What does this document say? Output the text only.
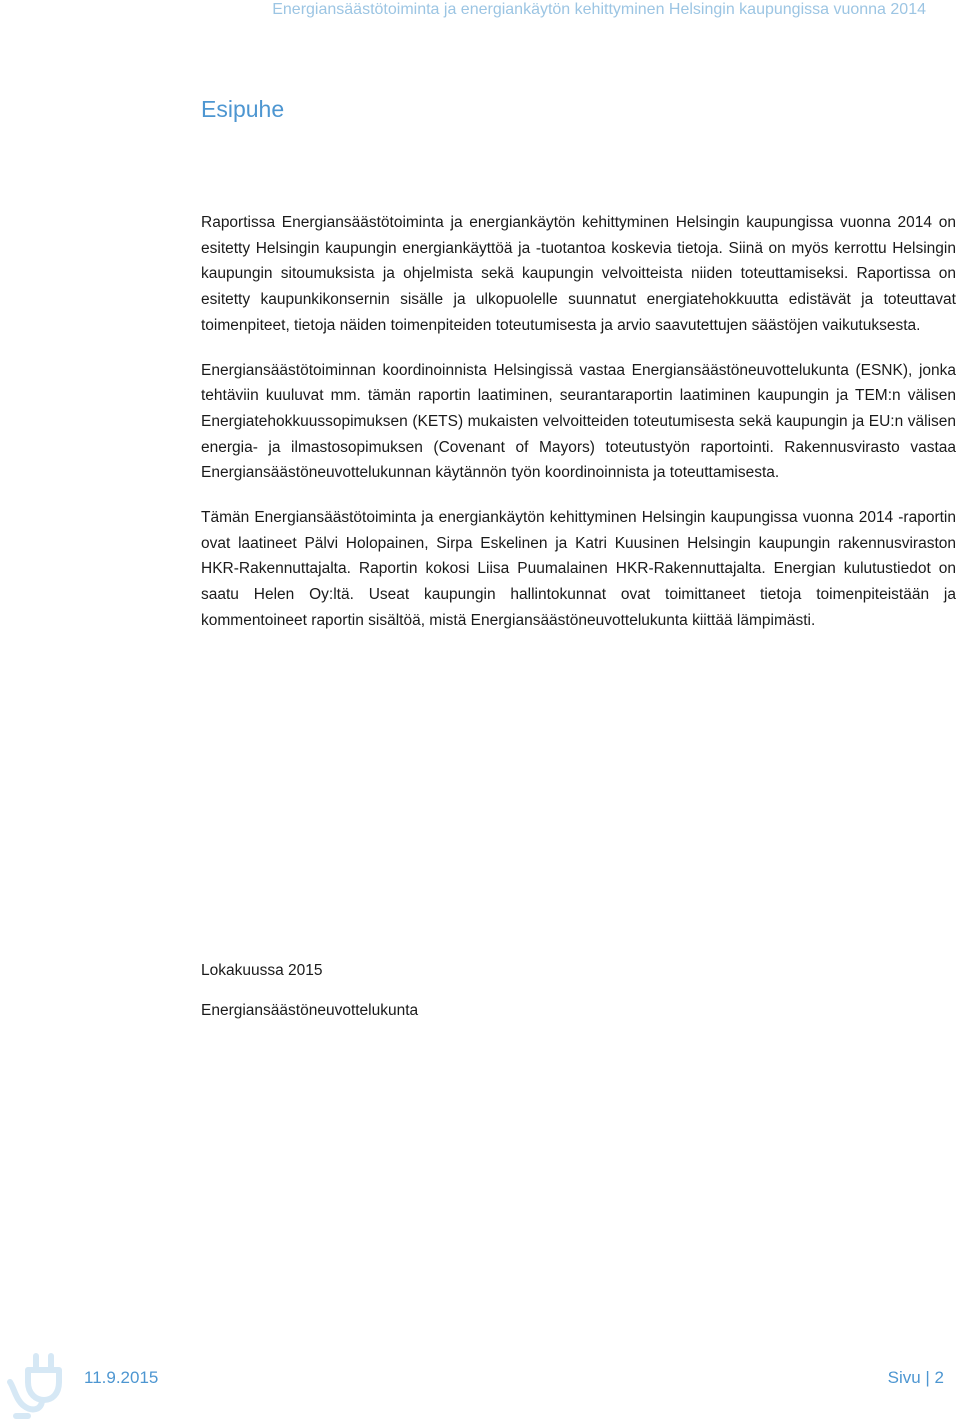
Energiansäästötoiminta ja energiankäytön kehittyminen Helsingin kaupungissa vuonna 2014
Esipuhe

Raportissa Energiansäästötoiminta ja energiankäytön kehittyminen Helsingin kaupungissa vuonna 2014 on esitetty Helsingin kaupungin energiankäyttöä ja -tuotantoa koskevia tietoja. Siinä on myös kerrottu Helsingin kaupungin sitoumuksista ja ohjelmista sekä kaupungin velvoitteista niiden toteuttamiseksi. Raportissa on esitetty kaupunkikonsernin sisälle ja ulkopuolelle suunnatut energiatehokkuutta edistävät ja toteuttavat toimenpiteet, tietoja näiden toimenpiteiden toteutumisesta ja arvio saavutettujen säästöjen vaikutuksesta.

Energiansäästötoiminnan koordinoinnista Helsingissä vastaa Energiansäästöneuvottelukunta (ESNK), jonka tehtäviin kuuluvat mm. tämän raportin laatiminen, seurantaraportin laatiminen kaupungin ja TEM:n välisen Energiatehokkuussopimuksen (KETS) mukaisten velvoitteiden toteutumisesta sekä kaupungin ja EU:n välisen energia- ja ilmastosopimuksen (Covenant of Mayors) toteutustyön raportointi. Rakennusvirasto vastaa Energiansäästöneuvottelukunnan käytännön työn koordinoinnista ja toteuttamisesta.

Tämän Energiansäästötoiminta ja energiankäytön kehittyminen Helsingin kaupungissa vuonna 2014 -raportin ovat laatineet Pälvi Holopainen, Sirpa Eskelinen ja Katri Kuusinen Helsingin kaupungin rakennusviraston HKR-Rakennuttajalta. Raportin kokosi Liisa Puumalainen HKR-Rakennuttajalta. Energian kulutustiedot on saatu Helen Oy:ltä. Useat kaupungin hallintokunnat ovat toimittaneet tietoja toimenpiteistään ja kommentoineet raportin sisältöä, mistä Energiansäästöneuvottelukunta kiittää lämpimästi.

Lokakuussa 2015
Energiansäästöneuvottelukunta
11.9.2015	Sivu | 2
